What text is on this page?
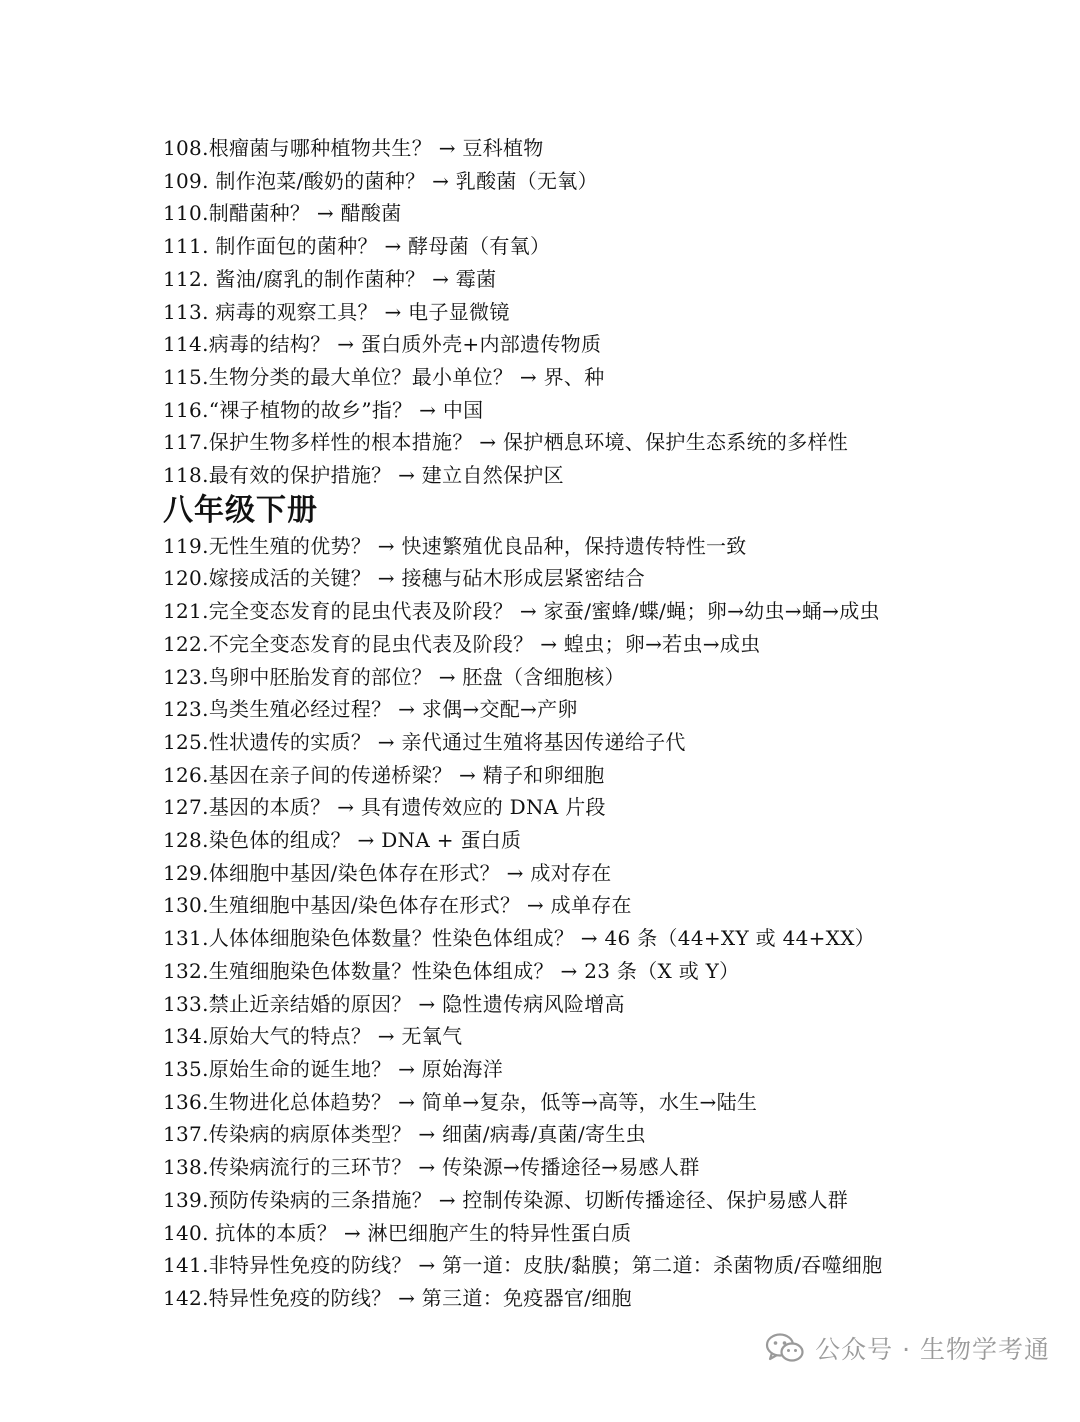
108.根瘤菌与哪种植物共生？ → 豆科植物
109. 制作泡菜/酸奶的菌种？ → 乳酸菌（无氧）
110.制醋菌种？ → 醋酸菌
111. 制作面包的菌种？ → 酵母菌（有氧）
112. 酱油/腐乳的制作菌种？ → 霉菌
113. 病毒的观察工具？ → 电子显微镜
114.病毒的结构？ → 蛋白质外壳+内部遗传物质
115.生物分类的最大单位？最小单位？ → 界、种
116.“裸子植物的故乡”指？ → 中国
117.保护生物多样性的根本措施？ → 保护栖息环境、保护生态系统的多样性
118.最有效的保护措施？ → 建立自然保护区
八年级下册
119.无性生殖的优势？ → 快速繁殖优良品种，保持遗传特性一致
120.嫁接成活的关键？ → 接穗与砧木形成层紧密结合
121.完全变态发育的昆虫代表及阶段？ → 家蚕/蜜蜂/蝶/蝇；卵→幼虫→蛹→成虫
122.不完全变态发育的昆虫代表及阶段？ → 蝗虫；卵→若虫→成虫
123.鸟卵中胚胎发育的部位？ → 胚盘（含细胞核）
123.鸟类生殖必经过程？ → 求偶→交配→产卵
125.性状遗传的实质？ → 亲代通过生殖将基因传递给子代
126.基因在亲子间的传递桥梁？ → 精子和卵细胞
127.基因的本质？ → 具有遗传效应的 DNA 片段
128.染色体的组成？ → DNA + 蛋白质
129.体细胞中基因/染色体存在形式？ → 成对存在
130.生殖细胞中基因/染色体存在形式？ → 成单存在
131.人体体细胞染色体数量？性染色体组成？ → 46 条（44+XY 或 44+XX）
132.生殖细胞染色体数量？性染色体组成？ → 23 条（X 或 Y）
133.禁止近亲结婚的原因？ → 隐性遗传病风险增高
134.原始大气的特点？ → 无氧气
135.原始生命的诞生地？ → 原始海洋
136.生物进化总体趋势？ → 简单→复杂，低等→高等，水生→陆生
137.传染病的病原体类型？ → 细菌/病毒/真菌/寄生虫
138.传染病流行的三环节？ → 传染源→传播途径→易感人群
139.预防传染病的三条措施？ → 控制传染源、切断传播途径、保护易感人群
140. 抗体的本质？ → 淋巴细胞产生的特异性蛋白质
141.非特异性免疫的防线？ → 第一道：皮肤/黏膜；第二道：杀菌物质/吞噬细胞
142.特异性免疫的防线？ → 第三道：免疫器官/细胞
公众号 · 生物学考通
